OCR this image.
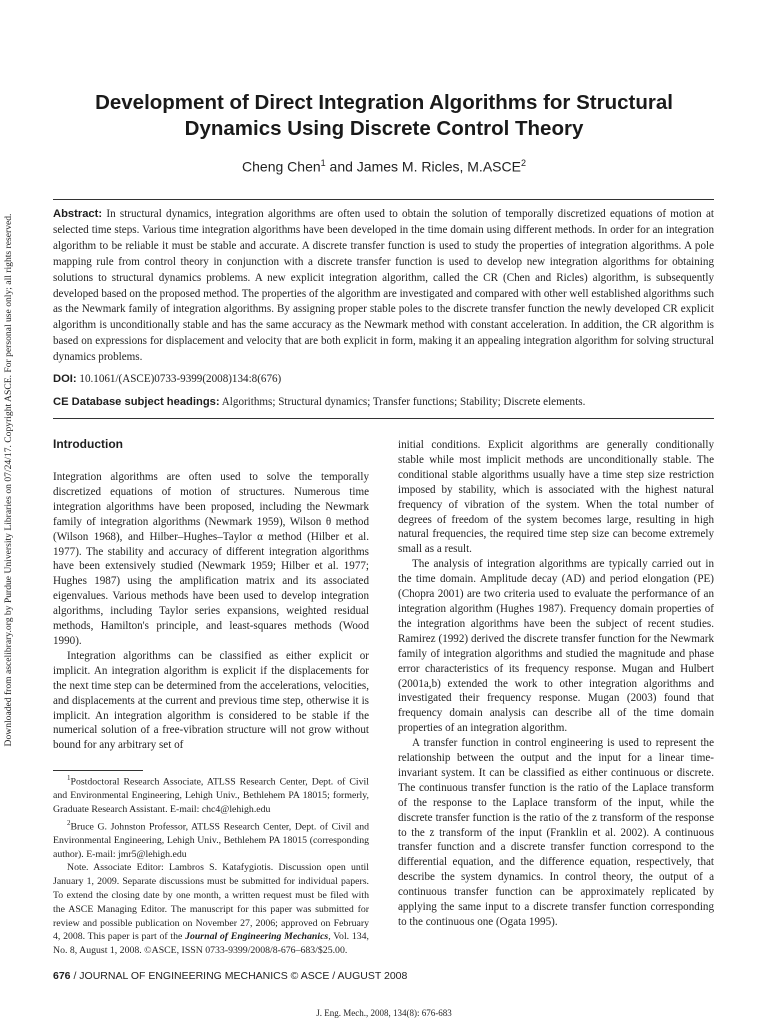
Downloaded from ascelibrary.org by Purdue University Libraries on 07/24/17. Copyright ASCE. For personal use only; all rights reserved.
Development of Direct Integration Algorithms for Structural
Dynamics Using Discrete Control Theory
Cheng Chen$^1$ and James M. Ricles, M.ASCE$^2$
Abstract: In structural dynamics, integration algorithms are often used to obtain the solution of temporally discretized equations of motion at selected time steps. Various time integration algorithms have been developed in the time domain using different methods. In order for an integration algorithm to be reliable it must be stable and accurate. A discrete transfer function is used to study the properties of integration algorithms. A pole mapping rule from control theory in conjunction with a discrete transfer function is used to develop new integration algorithms for obtaining solutions to structural dynamics problems. A new explicit integration algorithm, called the CR (Chen and Ricles) algorithm, is subsequently developed based on the proposed method. The properties of the algorithm are investigated and compared with other well established algorithms such as the Newmark family of integration algorithms. By assigning proper stable poles to the discrete transfer function the newly developed CR explicit algorithm is unconditionally stable and has the same accuracy as the Newmark method with constant acceleration. In addition, the CR algorithm is based on expressions for displacement and velocity that are both explicit in form, making it an appealing integration algorithm for solving structural dynamics problems.
DOI: 10.1061/(ASCE)0733-9399(2008)134:8(676)
CE Database subject headings: Algorithms; Structural dynamics; Transfer functions; Stability; Discrete elements.
Introduction

Integration algorithms are often used to solve the temporally discretized equations of motion of structures. Numerous time integration algorithms have been proposed, including the Newmark family of integration algorithms (Newmark 1959), Wilson θ method (Wilson 1968), and Hilber–Hughes–Taylor α method (Hilber et al. 1977). The stability and accuracy of different integration algorithms have been extensively studied (Newmark 1959; Hilber et al. 1977; Hughes 1987) using the amplification matrix and its associated eigenvalues. Various methods have been used to develop integration algorithms, including Taylor series expansions, weighted residual methods, Hamilton's principle, and least-squares methods (Wood 1990).

Integration algorithms can be classified as either explicit or implicit. An integration algorithm is explicit if the displacements for the next time step can be determined from the accelerations, velocities, and displacements at the current and previous time step, otherwise it is implicit. An integration algorithm is considered to be stable if the numerical solution of a free-vibration structure will not grow without bound for any arbitrary set of

$^1$Postdoctoral Research Associate, ATLSS Research Center, Dept. of Civil and Environmental Engineering, Lehigh Univ., Bethlehem PA 18015; formerly, Graduate Research Assistant. E-mail: chc4@lehigh.edu

$^2$Bruce G. Johnston Professor, ATLSS Research Center, Dept. of Civil and Environmental Engineering, Lehigh Univ., Bethlehem PA 18015 (corresponding author). E-mail: jmr5@lehigh.edu

Note. Associate Editor: Lambros S. Katafygiotis. Discussion open until January 1, 2009. Separate discussions must be submitted for individual papers. To extend the closing date by one month, a written request must be filed with the ASCE Managing Editor. The manuscript for this paper was submitted for review and possible publication on November 27, 2006; approved on February 4, 2008. This paper is part of the Journal of Engineering Mechanics, Vol. 134, No. 8, August 1, 2008. ©ASCE, ISSN 0733-9399/2008/8-676–683/$25.00.

initial conditions. Explicit algorithms are generally conditionally stable while most implicit methods are unconditionally stable. The conditional stable algorithms usually have a time step size restriction imposed by stability, which is associated with the highest natural frequency of vibration of the system. When the total number of degrees of freedom of the system becomes large, resulting in high natural frequencies, the required time step size can become extremely small as a result.

The analysis of integration algorithms are typically carried out in the time domain. Amplitude decay (AD) and period elongation (PE) (Chopra 2001) are two criteria used to evaluate the performance of an integration algorithm (Hughes 1987). Frequency domain properties of the integration algorithms have been the subject of recent studies. Ramirez (1992) derived the discrete transfer function for the Newmark family of integration algorithms and studied the magnitude and phase error characteristics of its frequency response. Mugan and Hulbert (2001a,b) extended the work to other integration algorithms and investigated their frequency response. Mugan (2003) found that frequency domain analysis can describe all of the time domain properties of an integration algorithm.

A transfer function in control engineering is used to represent the relationship between the output and the input for a linear time-invariant system. It can be classified as either continuous or discrete. The continuous transfer function is the ratio of the Laplace transform of the response to the Laplace transform of the input, while the discrete transfer function is the ratio of the z transform of the response to the z transform of the input (Franklin et al. 2002). A continuous transfer function and a discrete transfer function correspond to the differential equation, and the difference equation, respectively, that describe the system dynamics. In control theory, the output of a continuous transfer function can be approximately replicated by applying the same input to a discrete transfer function corresponding to the continuous one (Ogata 1995).

676 / JOURNAL OF ENGINEERING MECHANICS © ASCE / AUGUST 2008
J. Eng. Mech., 2008, 134(8): 676-683
